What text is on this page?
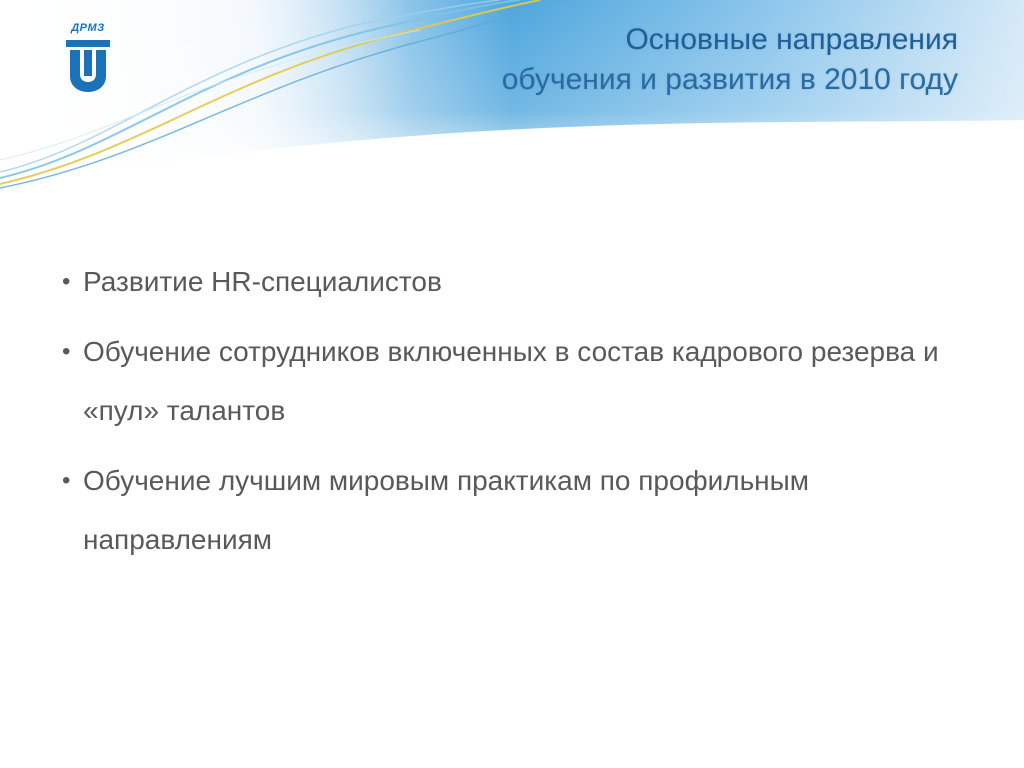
ДРМЗ	Основные направления
обучения и развития в 2010 году
• Развитие HR-специалистов
• Обучение сотрудников включенных в состав кадрового резерва и «пул» талантов
• Обучение лучшим мировым практикам по профильным направлениям
